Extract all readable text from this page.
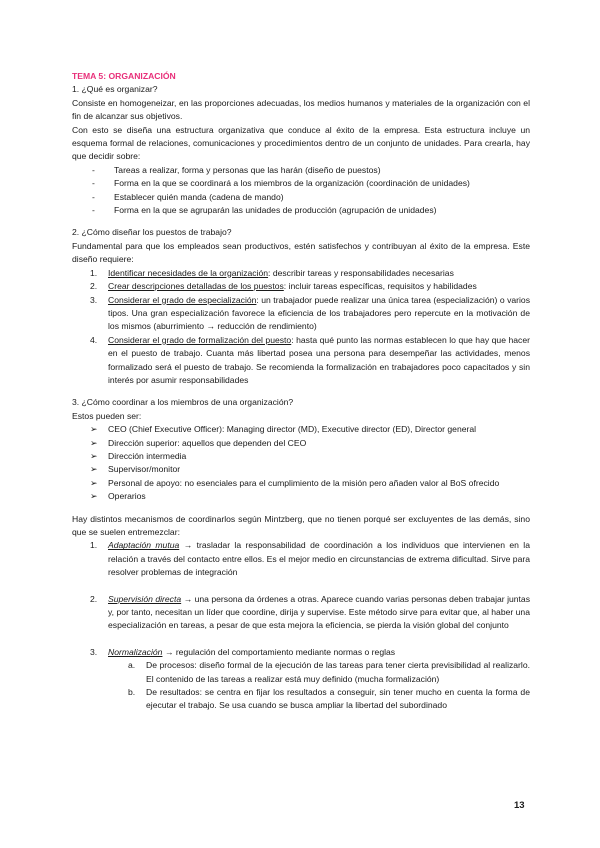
TEMA 5: ORGANIZACIÓN

1. ¿Qué es organizar?

Consiste en homogeneizar, en las proporciones adecuadas, los medios humanos y materiales de la organización con el fin de alcanzar sus objetivos.

Con esto se diseña una estructura organizativa que conduce al éxito de la empresa. Esta estructura incluye un esquema formal de relaciones, comunicaciones y procedimientos dentro de un conjunto de unidades. Para crearla, hay que decidir sobre:

- Tareas a realizar, forma y personas que las harán (diseño de puestos)
- Forma en la que se coordinará a los miembros de la organización (coordinación de unidades)
- Establecer quién manda (cadena de mando)
- Forma en la que se agruparán las unidades de producción (agrupación de unidades)

2. ¿Cómo diseñar los puestos de trabajo?

Fundamental para que los empleados sean productivos, estén satisfechos y contribuyan al éxito de la empresa. Este diseño requiere:

1. Identificar necesidades de la organización: describir tareas y responsabilidades necesarias
2. Crear descripciones detalladas de los puestos: incluir tareas específicas, requisitos y habilidades
3. Considerar el grado de especialización: un trabajador puede realizar una única tarea (especialización) o varios tipos. Una gran especialización favorece la eficiencia de los trabajadores pero repercute en la motivación de los mismos (aburrimiento → reducción de rendimiento)
4. Considerar el grado de formalización del puesto: hasta qué punto las normas establecen lo que hay que hacer en el puesto de trabajo. Cuanta más libertad posea una persona para desempeñar las actividades, menos formalizado será el puesto de trabajo. Se recomienda la formalización en trabajadores poco capacitados y sin interés por asumir responsabilidades

3. ¿Cómo coordinar a los miembros de una organización?

Estos pueden ser:

➢ CEO (Chief Executive Officer): Managing director (MD), Executive director (ED), Director general
➢ Dirección superior: aquellos que dependen del CEO
➢ Dirección intermedia
➢ Supervisor/monitor
➢ Personal de apoyo: no esenciales para el cumplimiento de la misión pero añaden valor al BoS ofrecido
➢ Operarios

Hay distintos mecanismos de coordinarlos según Mintzberg, que no tienen porqué ser excluyentes de las demás, sino que se suelen entremezclar:

1. Adaptación mutua → trasladar la responsabilidad de coordinación a los individuos que intervienen en la relación a través del contacto entre ellos. Es el mejor medio en circunstancias de extrema dificultad. Sirve para resolver problemas de integración
2. Supervisión directa → una persona da órdenes a otras. Aparece cuando varias personas deben trabajar juntas y, por tanto, necesitan un líder que coordine, dirija y supervise. Este método sirve para evitar que, al haber una especialización en tareas, a pesar de que esta mejora la eficiencia, se pierda la visión global del conjunto
3. Normalización → regulación del comportamiento mediante normas o reglas
a. De procesos: diseño formal de la ejecución de las tareas para tener cierta previsibilidad al realizarlo. El contenido de las tareas a realizar está muy definido (mucha formalización)
b. De resultados: se centra en fijar los resultados a conseguir, sin tener mucho en cuenta la forma de ejecutar el trabajo. Se usa cuando se busca ampliar la libertad del subordinado
13
